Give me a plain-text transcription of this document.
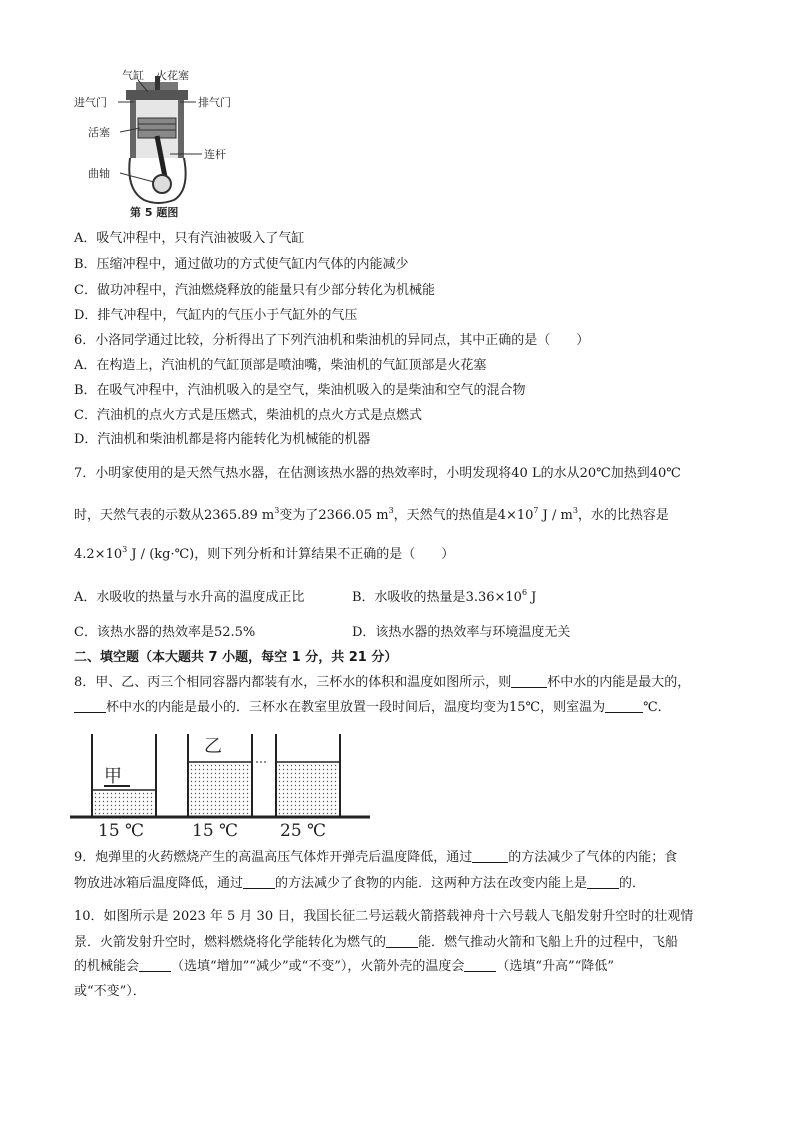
气缸 火花塞
进气门	排气门
活塞
连杆
曲轴
第 5 题图
A．吸气冲程中，只有汽油被吸入了气缸
B．压缩冲程中，通过做功的方式使气缸内气体的内能减少
C．做功冲程中，汽油燃烧释放的能量只有少部分转化为机械能
D．排气冲程中，气缸内的气压小于气缸外的气压
6．小洛同学通过比较，分析得出了下列汽油机和柴油机的异同点，其中正确的是（　　）
A．在构造上，汽油机的气缸顶部是喷油嘴，柴油机的气缸顶部是火花塞
B．在吸气冲程中，汽油机吸入的是空气，柴油机吸入的是柴油和空气的混合物
C．汽油机的点火方式是压燃式，柴油机的点火方式是点燃式
D．汽油机和柴油机都是将内能转化为机械能的机器
7．小明家使用的是天然气热水器，在估测该热水器的热效率时，小明发现将40 L的水从20℃加热到40℃
时，天然气表的示数从2365.89 $m^3$变为了2366.05 $m^3$，天然气的热值是$4\times 10^7$ J / $m^3$，水的比热容是
$4.2\times 10^3$ J / (kg·℃)，则下列分析和计算结果不正确的是（　　）
A．水吸收的热量与水升高的温度成正比	B．水吸收的热量是$3.36\times 10^6$ J
C．该热水器的热效率是52.5%	D．该热水器的热效率与环境温度无关
二、填空题（本大题共 7 小题，每空 1 分，共 21 分）
8．甲、乙、丙三个相同容器内都装有水，三杯水的体积和温度如图所示，则	杯中水的内能是最大的，
杯中水的内能是最小的．三杯水在教室里放置一段时间后，温度均变为15℃，则室温为	℃．
甲
乙
15 ℃	15 ℃ 25 ℃
9．炮弹里的火药燃烧产生的高温高压气体炸开弹壳后温度降低，通过	的方法减少了气体的内能；食
物放进冰箱后温度降低，通过 的方法减少了食物的内能．这两种方法在改变内能上是 的．
10．如图所示是 2023 年 5 月 30 日，我国长征二号运载火箭搭载神舟十六号载人飞船发射升空时的壮观情
景．火箭发射升空时，燃料燃烧将化学能转化为燃气的 能．燃气推动火箭和飞船上升的过程中，飞船
的机械能会 （选填“增加”“减少”或“不变”），火箭外壳的温度会 （选填“升高”“降低”
或“不变”）．
